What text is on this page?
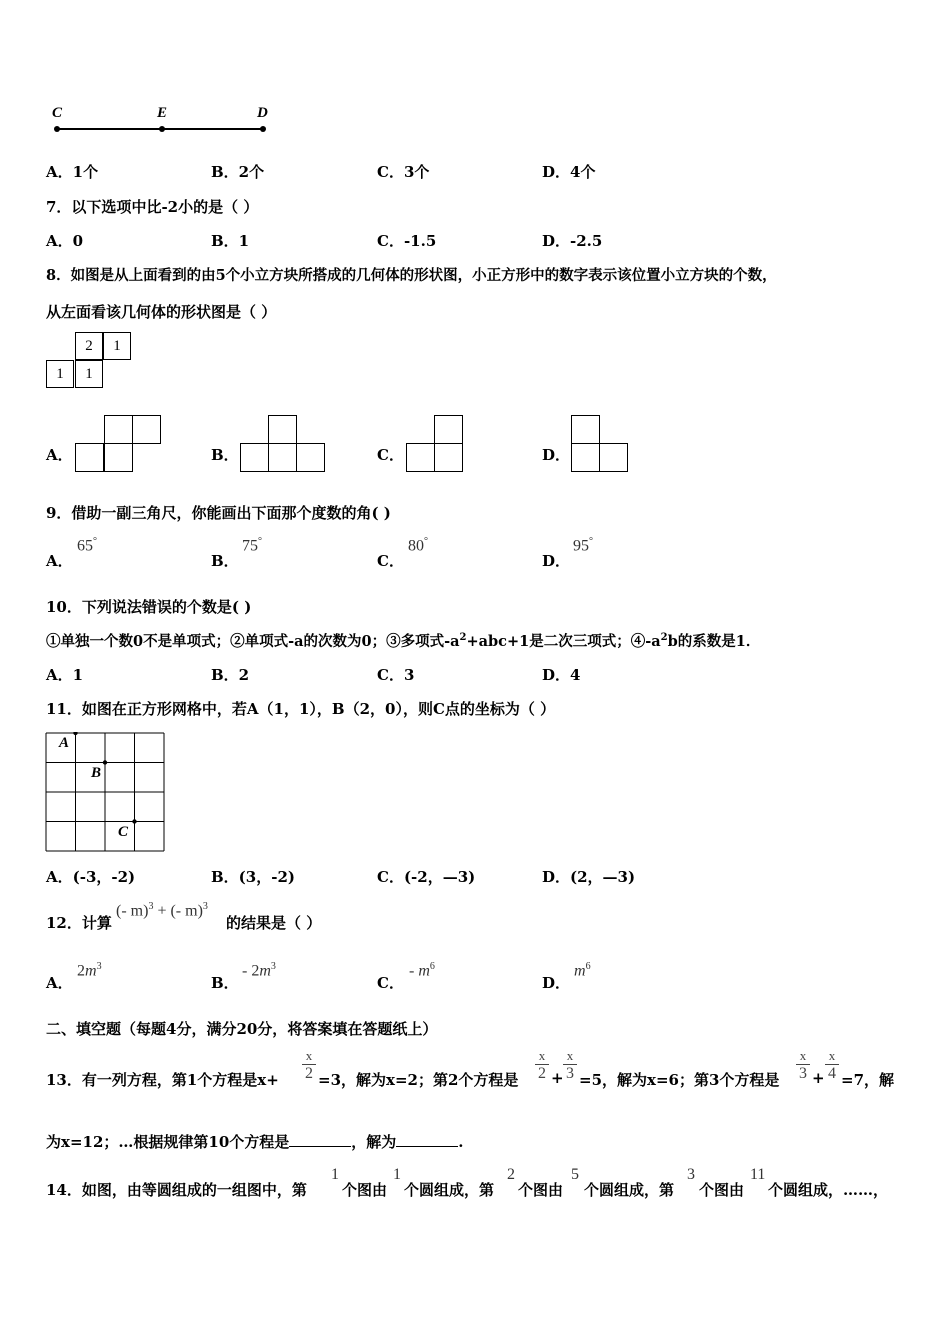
C	E	D
A．1个	B．2个	C．3个	D．4个
7．以下选项中比-2小的是（ ）
A．0	B．1	C．-1.5	D．-2.5
8．如图是从上面看到的由5个小立方块所搭成的几何体的形状图，小正方形中的数字表示该位置小立方块的个数，
从左面看该几何体的形状图是（ ）
2	1
1	1
A．	B．	C．	D．
9．借助一副三角尺，你能画出下面那个度数的角( )
A．
65°
B．
75°
C．
80°
D．
95°
10．下列说法错误的个数是( )
①单独一个数0不是单项式；②单项式-a的次数为0；③多项式$-a^2+abc+1$是二次三项式；$④-a^2b$的系数是1．
A．1	B．2	C．3	D．4
11．如图在正方形网格中，若A（1，1），B（2，0），则C点的坐标为（ ）
A
B
C
A．(-3，-2)	B．(3，-2)	C．(-2，—3)	D．(2，—3)
12．计算
(- m)$^3$ + (- m)$^3$
的结果是（ ）
A．
$2m^3$
B．
- $2m^3$
C．
- $m^6$
D．
$m^6$
二、填空题（每题4分，满分20分，将答案填在答题纸上）
13．有一列方程，第1个方程是x+
x
2 =3，解为x=2；第2个方程是
x
2 +
x
3 =5，解为x=6；第3个方程是
x
3 +
x
4 =7，解
为x=12；…根据规律第10个方程是	，解为	.
14．如图，由等圆组成的一组图中，第
1
个图由
1
个圆组成，第
2
个图由
5
个圆组成，第
3
个图由
11
个圆组成，……，
